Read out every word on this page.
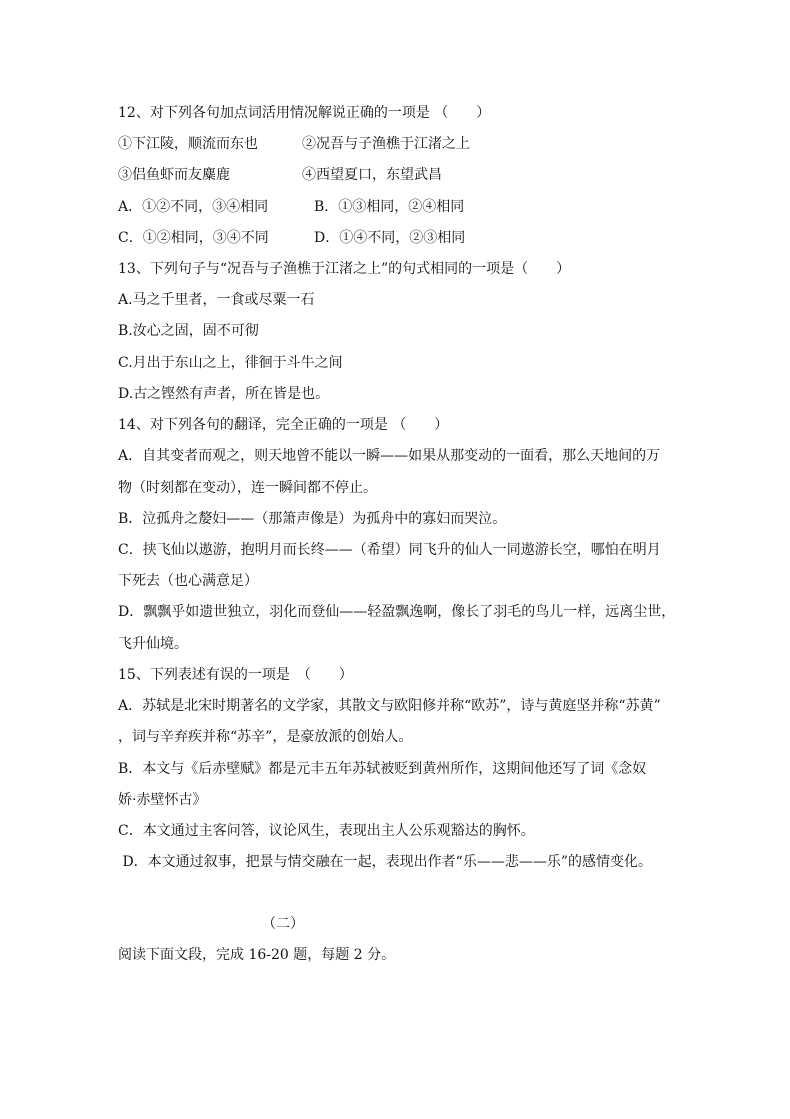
12、对下列各句加点词活用情况解说正确的一项是 （　　）
①下江陵，顺流而东也	②况吾与子渔樵于江渚之上
③侣鱼虾而友麋鹿	④西望夏口，东望武昌
A．①②不同，③④相同	B．①③相同，②④相同
C．①②相同，③④不同	D．①④不同，②③相同
13、下列句子与“况吾与子渔樵于江渚之上”的句式相同的一项是（　　）
A.马之千里者，一食或尽粟一石
B.汝心之固，固不可彻
C.月出于东山之上，徘徊于斗牛之间
D.古之铿然有声者，所在皆是也。
14、对下列各句的翻译，完全正确的一项是 （　　）
A．自其变者而观之，则天地曾不能以一瞬——如果从那变动的一面看，那么天地间的万
物（时刻都在变动），连一瞬间都不停止。
B．泣孤舟之嫠妇——（那箫声像是）为孤舟中的寡妇而哭泣。
C．挟飞仙以遨游，抱明月而长终——（希望）同飞升的仙人一同遨游长空，哪怕在明月
下死去（也心满意足）
D．飘飘乎如遗世独立，羽化而登仙——轻盈飘逸啊，像长了羽毛的鸟儿一样，远离尘世，
飞升仙境。
15、下列表述有误的一项是　（　　）
A．苏轼是北宋时期著名的文学家，其散文与欧阳修并称“欧苏”，诗与黄庭坚并称“苏黄”
，词与辛弃疾并称“苏辛”，是豪放派的创始人。
B．本文与《后赤壁赋》都是元丰五年苏轼被贬到黄州所作，这期间他还写了词《念奴
娇·赤壁怀古》
C．本文通过主客问答，议论风生，表现出主人公乐观豁达的胸怀。
D．本文通过叙事，把景与情交融在一起，表现出作者“乐——悲——乐”的感情变化。
（二）
阅读下面文段，完成 16-20 题，每题 2 分。
